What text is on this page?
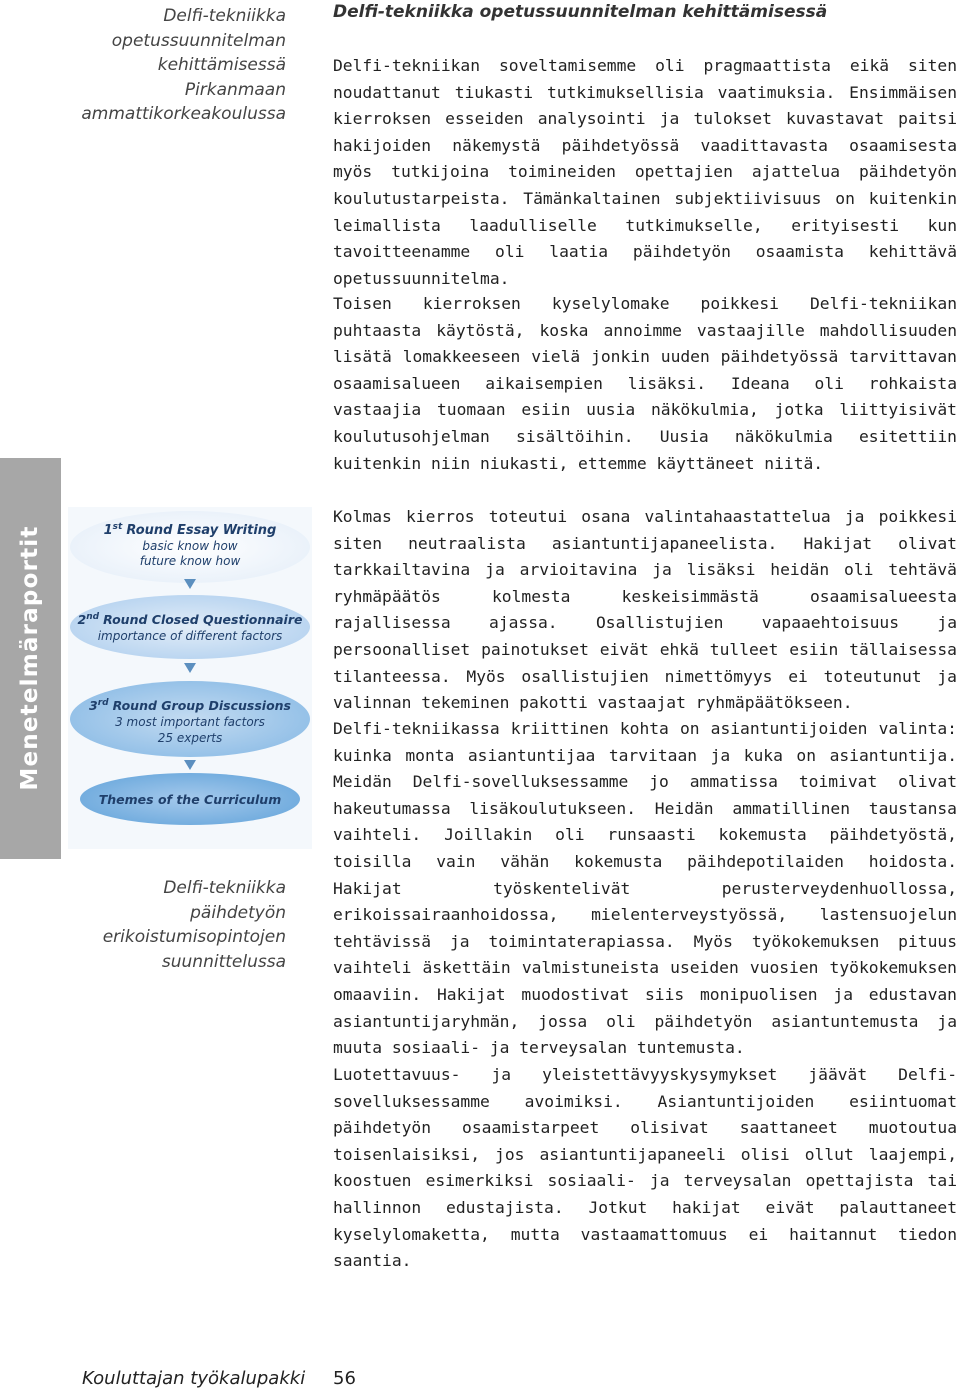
Delfi-tekniikka
opetussuunnitelman
kehittämisessä
Pirkanmaan
ammattikorkeakoulussa
Menetelmäraportit	1st Round Essay Writing
basic know how
future know how
2nd Round Closed Questionnaire
importance of different factors
3rd Round Group Discussions
3 most important factors
25 experts
Themes of the Curriculum
Delfi-tekniikka
päihdetyön
erikoistumisopintojen
suunnittelussa
Delfi-tekniikka opetussuunnitelman kehittämisessä

Delfi-tekniikan soveltamisemme oli pragmaattista eikä siten noudattanut tiukasti tutkimuksellisia vaatimuksia. Ensimmäisen kierroksen esseiden analysointi ja tulokset kuvastavat paitsi hakijoiden näkemystä päihdetyössä vaadittavasta osaamisesta myös tutkijoina toimineiden opettajien ajattelua päihdetyön koulutustarpeista. Tämänkaltainen subjektiivisuus on kuitenkin leimallista laadulliselle tutkimukselle, erityisesti kun tavoitteenamme oli laatia päihdetyön osaamista kehittävä opetussuunnitelma.

Toisen kierroksen kyselylomake poikkesi Delfi-tekniikan puhtaasta käytöstä, koska annoimme vastaajille mahdollisuuden lisätä lomakkeeseen vielä jonkin uuden päihdetyössä tarvittavan osaamisalueen aikaisempien lisäksi. Ideana oli rohkaista vastaajia tuomaan esiin uusia näkökulmia, jotka liittyisivät koulutusohjelman sisältöihin. Uusia näkökulmia esitettiin kuitenkin niin niukasti, ettemme käyttäneet niitä.

Kolmas kierros toteutui osana valintahaastattelua ja poikkesi siten neutraalista asiantuntijapaneelista. Hakijat olivat tarkkailtavina ja arvioitavina ja lisäksi heidän oli tehtävä ryhmäpäätös kolmesta keskeisimmästä osaamisalueesta rajallisessa ajassa. Osallistujien vapaaehtoisuus ja persoonalliset painotukset eivät ehkä tulleet esiin tällaisessa tilanteessa. Myös osallistujien nimettömyys ei toteutunut ja valinnan tekeminen pakotti vastaajat ryhmäpäätökseen.

Delfi-tekniikassa kriittinen kohta on asiantuntijoiden valinta: kuinka monta asiantuntijaa tarvitaan ja kuka on asiantuntija. Meidän Delfi-sovelluksessamme jo ammatissa toimivat olivat hakeutumassa lisäkoulutukseen. Heidän ammatillinen taustansa vaihteli. Joillakin oli runsaasti kokemusta päihdetyöstä, toisilla vain vähän kokemusta päihdepotilaiden hoidosta. Hakijat työskentelivät perusterveydenhuollossa, erikoissairaanhoidossa, mielenterveystyössä, lastensuojelun tehtävissä ja toimintaterapiassa. Myös työkokemuksen pituus vaihteli äskettäin valmistuneista useiden vuosien työkokemuksen omaaviin. Hakijat muodostivat siis monipuolisen ja edustavan asiantuntijaryhmän, jossa oli päihdetyön asiantuntemusta ja muuta sosiaali- ja terveysalan tuntemusta.

Luotettavuus- ja yleistettävyyskysymykset jäävät Delfi-sovelluksessamme avoimiksi. Asiantuntijoiden esiintuomat päihdetyön osaamistarpeet olisivat saattaneet muotoutua toisenlaisiksi, jos asiantuntijapaneeli olisi ollut laajempi, koostuen esimerkiksi sosiaali- ja terveysalan opettajista tai hallinnon edustajista. Jotkut hakijat eivät palauttaneet kyselylomaketta, mutta vastaamattomuus ei haitannut tiedon saantia.

Kouluttajan työkalupakki 56
